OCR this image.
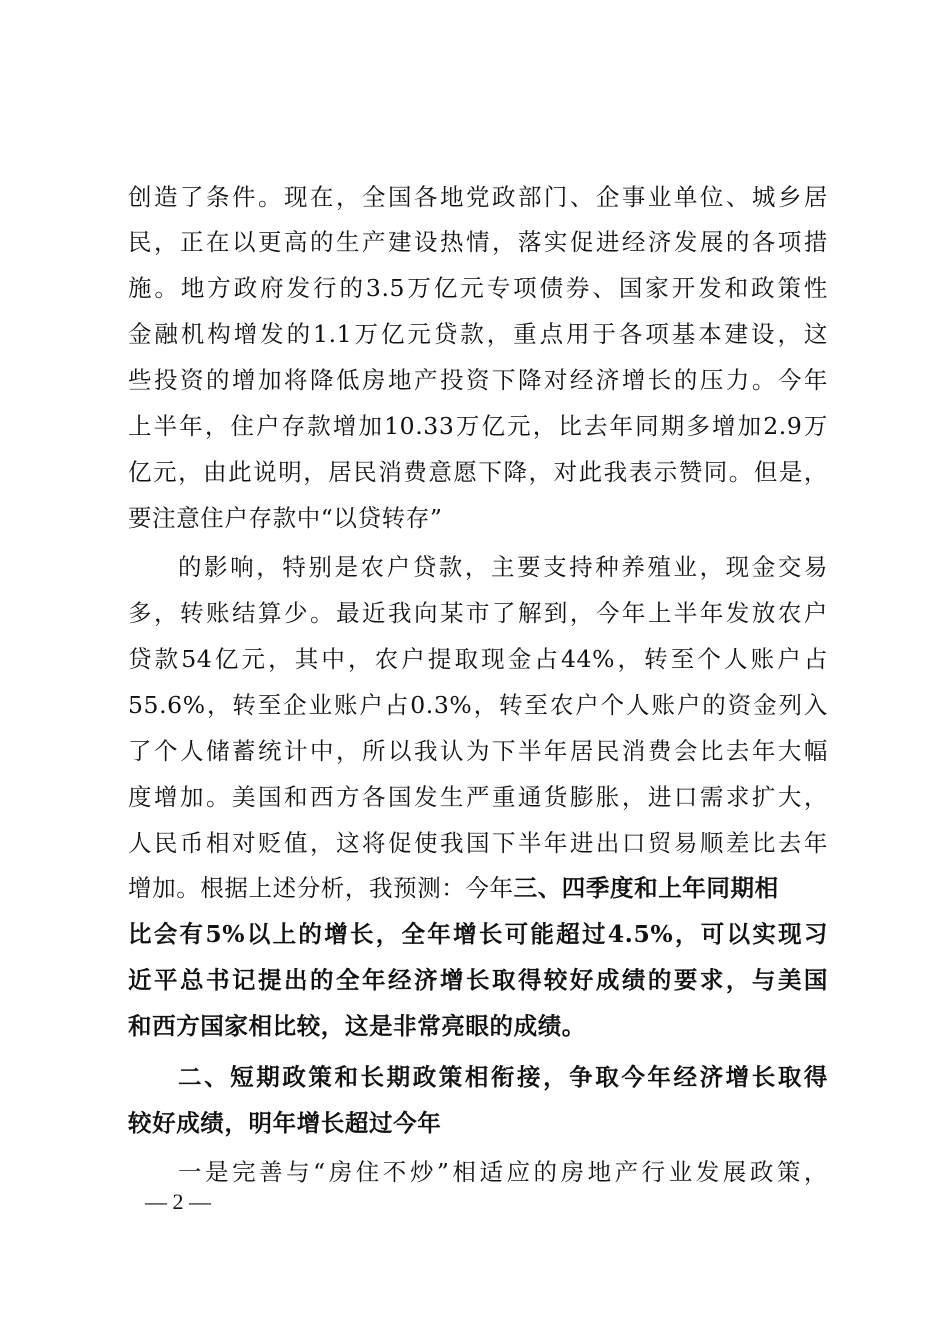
创造了条件。现在，全国各地党政部门、企事业单位、城乡居
民，正在以更高的生产建设热情，落实促进经济发展的各项措
施。地方政府发行的3.5万亿元专项债券、国家开发和政策性
金融机构增发的1.1万亿元贷款，重点用于各项基本建设，这
些投资的增加将降低房地产投资下降对经济增长的压力。今年
上半年，住户存款增加10.33万亿元，比去年同期多增加2.9万
亿元，由此说明，居民消费意愿下降，对此我表示赞同。但是，
要注意住户存款中“以贷转存”
的影响，特别是农户贷款，主要支持种养殖业，现金交易
多，转账结算少。最近我向某市了解到，今年上半年发放农户
贷款54亿元，其中，农户提取现金占44%，转至个人账户占
55.6%，转至企业账户占0.3%，转至农户个人账户的资金列入
了个人储蓄统计中，所以我认为下半年居民消费会比去年大幅
度增加。美国和西方各国发生严重通货膨胀，进口需求扩大，
人民币相对贬值，这将促使我国下半年进出口贸易顺差比去年
增加。根据上述分析，我预测：今年三、四季度和上年同期相
比会有5%以上的增长，全年增长可能超过4.5%，可以实现习
近平总书记提出的全年经济增长取得较好成绩的要求，与美国
和西方国家相比较，这是非常亮眼的成绩。
二、短期政策和长期政策相衔接，争取今年经济增长取得
较好成绩，明年增长超过今年
一是完善与“房住不炒”相适应的房地产行业发展政策，
— 2 —
